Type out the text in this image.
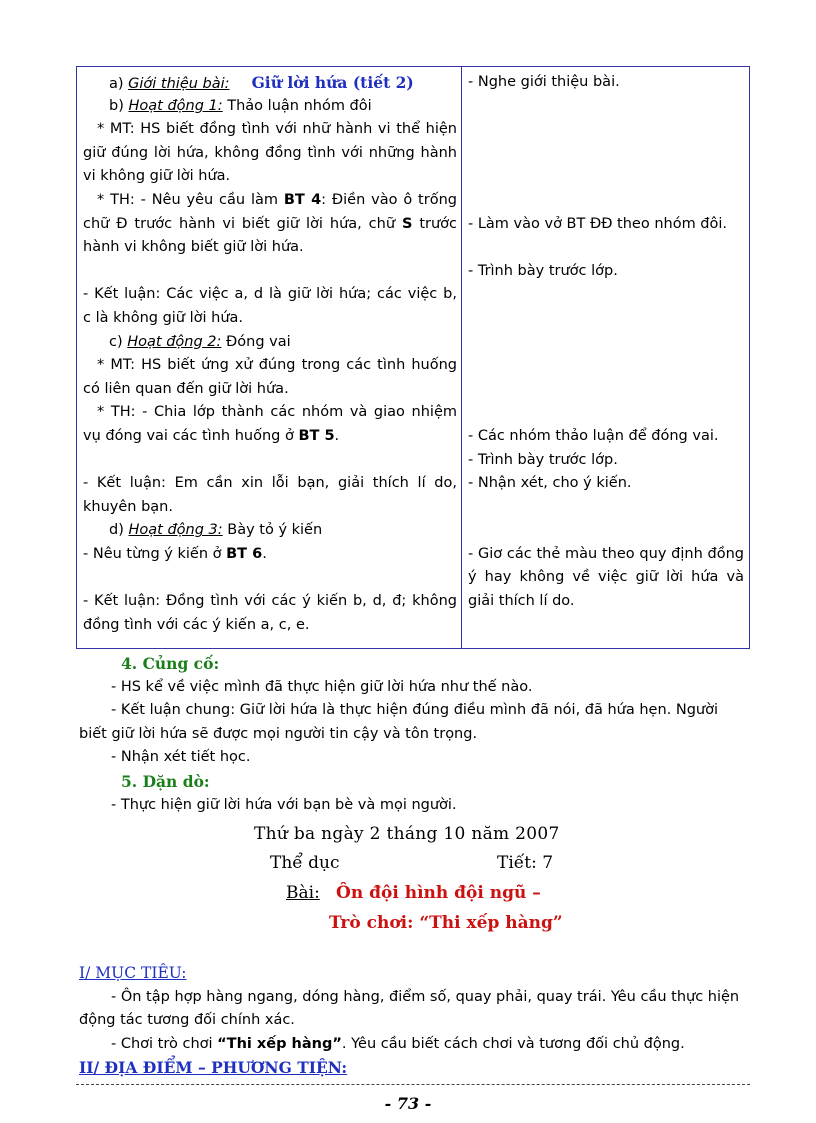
a) Giới thiệu bài: Giữ lời hứa (tiết 2)
b) Hoạt động 1: Thảo luận nhóm đôi
* MT: HS biết đồng tình với nhữ hành vi thể hiện
giữ đúng lời hứa, không đồng tình với những hành
vi không giữ lời hứa.
* TH: - Nêu yêu cầu làm BT 4: Điền vào ô trống
chữ Đ trước hành vi biết giữ lời hứa, chữ S trước
hành vi không biết giữ lời hứa.
- Kết luận: Các việc a, d là giữ lời hứa; các việc b,
c là không giữ lời hứa.
c) Hoạt động 2: Đóng vai
* MT: HS biết ứng xử đúng trong các tình huống
có liên quan đến giữ lời hứa.
* TH: - Chia lớp thành các nhóm và giao nhiệm
vụ đóng vai các tình huống ở BT 5.
- Kết luận: Em cần xin lỗi bạn, giải thích lí do,
khuyên bạn.
d) Hoạt động 3: Bày tỏ ý kiến
- Nêu từng ý kiến ở BT 6.
- Kết luận: Đồng tình với các ý kiến b, d, đ; không
đồng tình với các ý kiến a, c, e.
- Nghe giới thiệu bài.
- Làm vào vở BT ĐĐ theo nhóm đôi.
- Trình bày trước lớp.
- Các nhóm thảo luận để đóng vai.
- Trình bày trước lớp.
- Nhận xét, cho ý kiến.
- Giơ các thẻ màu theo quy định đồng
ý hay không về việc giữ lời hứa và
giải thích lí do.
4. Củng cố:
- HS kể về việc mình đã thực hiện giữ lời hứa như thế nào.
- Kết luận chung: Giữ lời hứa là thực hiện đúng điều mình đã nói, đã hứa hẹn. Người
biết giữ lời hứa sẽ được mọi người tin cậy và tôn trọng.
- Nhận xét tiết học.
5. Dặn dò:
- Thực hiện giữ lời hứa với bạn bè và mọi người.
Thứ ba ngày 2 tháng 10 năm 2007
Thể dục	Tiết: 7
Bài: Ôn đội hình đội ngũ –
Trò chơi: “Thi xếp hàng”
I/ MỤC TIÊU:
- Ôn tập hợp hàng ngang, dóng hàng, điểm số, quay phải, quay trái. Yêu cầu thực hiện
động tác tương đối chính xác.
- Chơi trò chơi “Thi xếp hàng”. Yêu cầu biết cách chơi và tương đối chủ động.
II/ ĐỊA ĐIỂM – PHƯƠNG TIỆN:
- 73 -
